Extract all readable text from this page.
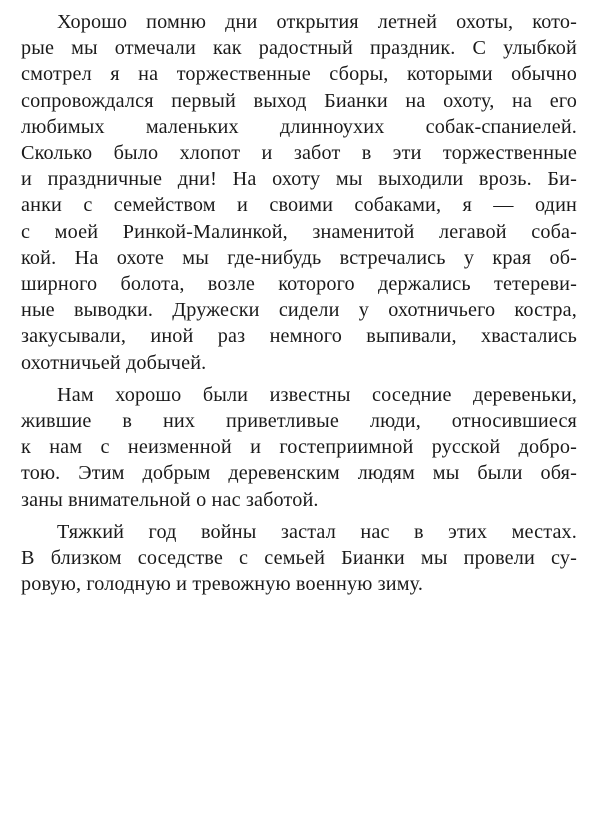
Хорошо помню дни открытия летней охоты, кото-
рые мы отмечали как радостный праздник. С улыбкой
смотрел я на торжественные сборы, которыми обычно
сопровождался первый выход Бианки на охоту, на его
любимых маленьких длинноухих собак-спаниелей.
Сколько было хлопот и забот в эти торжественные
и праздничные дни! На охоту мы выходили врозь. Би-
анки с семейством и своими собаками, я — один
с моей Ринкой-Малинкой, знаменитой легавой соба-
кой. На охоте мы где-нибудь встречались у края об-
ширного болота, возле которого держались тетереви-
ные выводки. Дружески сидели у охотничьего костра,
закусывали, иной раз немного выпивали, хвастались
охотничьей добычей.

Нам хорошо были известны соседние деревеньки,
жившие в них приветливые люди, относившиеся
к нам с неизменной и гостеприимной русской добро-
тою. Этим добрым деревенским людям мы были обя-
заны внимательной о нас заботой.

Тяжкий год войны застал нас в этих местах.
В близком соседстве с семьей Бианки мы провели су-
ровую, голодную и тревожную военную зиму.
